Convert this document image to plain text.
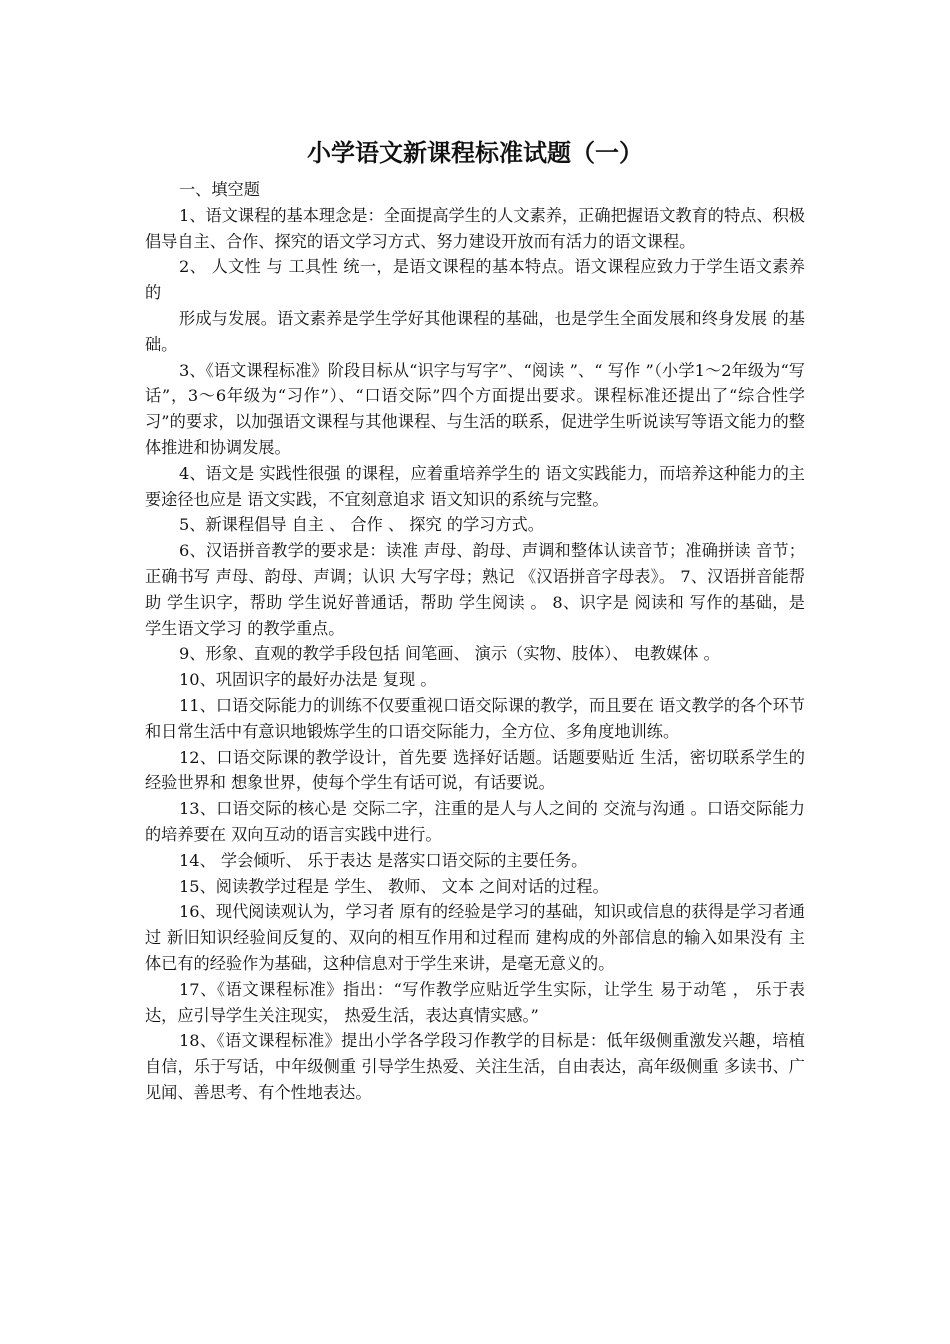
小学语文新课程标准试题（一）

一、填空题

1、语文课程的基本理念是：全面提高学生的人文素养，正确把握语文教育的特点、积极倡导自主、合作、探究的语文学习方式、努力建设开放而有活力的语文课程。

2、 人文性 与 工具性 统一，是语文课程的基本特点。语文课程应致力于学生语文素养的

形成与发展。语文素养是学生学好其他课程的基础，也是学生全面发展和终身发展 的基础。

3、《语文课程标准》阶段目标从“识字与写字”、“阅读 ”、“ 写作 ”（小学1～2年级为“写话”，3～6年级为“习作”）、“口语交际”四个方面提出要求。课程标准还提出了“综合性学习”的要求，以加强语文课程与其他课程、与生活的联系，促进学生听说读写等语文能力的整体推进和协调发展。

4、语文是 实践性很强 的课程，应着重培养学生的 语文实践能力，而培养这种能力的主要途径也应是 语文实践，不宜刻意追求 语文知识的系统与完整。

5、新课程倡导 自主 、 合作 、 探究 的学习方式。

6、汉语拼音教学的要求是：读准 声母、韵母、声调和整体认读音节；准确拼读 音节；正确书写 声母、韵母、声调；认识 大写字母；熟记 《汉语拼音字母表》。 7、汉语拼音能帮助 学生识字，帮助 学生说好普通话，帮助 学生阅读 。 8、识字是 阅读和 写作的基础，是 学生语文学习 的教学重点。

9、形象、直观的教学手段包括 间笔画、 演示（实物、肢体）、 电教媒体 。

10、巩固识字的最好办法是 复现 。

11、口语交际能力的训练不仅要重视口语交际课的教学，而且要在 语文教学的各个环节和日常生活中有意识地锻炼学生的口语交际能力，全方位、多角度地训练。

12、口语交际课的教学设计，首先要 选择好话题。话题要贴近 生活，密切联系学生的 经验世界和 想象世界，使每个学生有话可说，有话要说。

13、口语交际的核心是 交际二字，注重的是人与人之间的 交流与沟通 。口语交际能力的培养要在 双向互动的语言实践中进行。

14、 学会倾听、 乐于表达 是落实口语交际的主要任务。

15、阅读教学过程是 学生、 教师、 文本 之间对话的过程。

16、现代阅读观认为，学习者 原有的经验是学习的基础，知识或信息的获得是学习者通过 新旧知识经验间反复的、双向的相互作用和过程而 建构成的外部信息的输入如果没有 主体已有的经验作为基础，这种信息对于学生来讲，是毫无意义的。

17、《语文课程标准》指出：“写作教学应贴近学生实际，让学生 易于动笔 ， 乐于表达，应引导学生关注现实， 热爱生活，表达真情实感。”

18、《语文课程标准》提出小学各学段习作教学的目标是：低年级侧重激发兴趣，培植自信，乐于写话，中年级侧重 引导学生热爱、关注生活，自由表达，高年级侧重 多读书、广见闻、善思考、有个性地表达。
